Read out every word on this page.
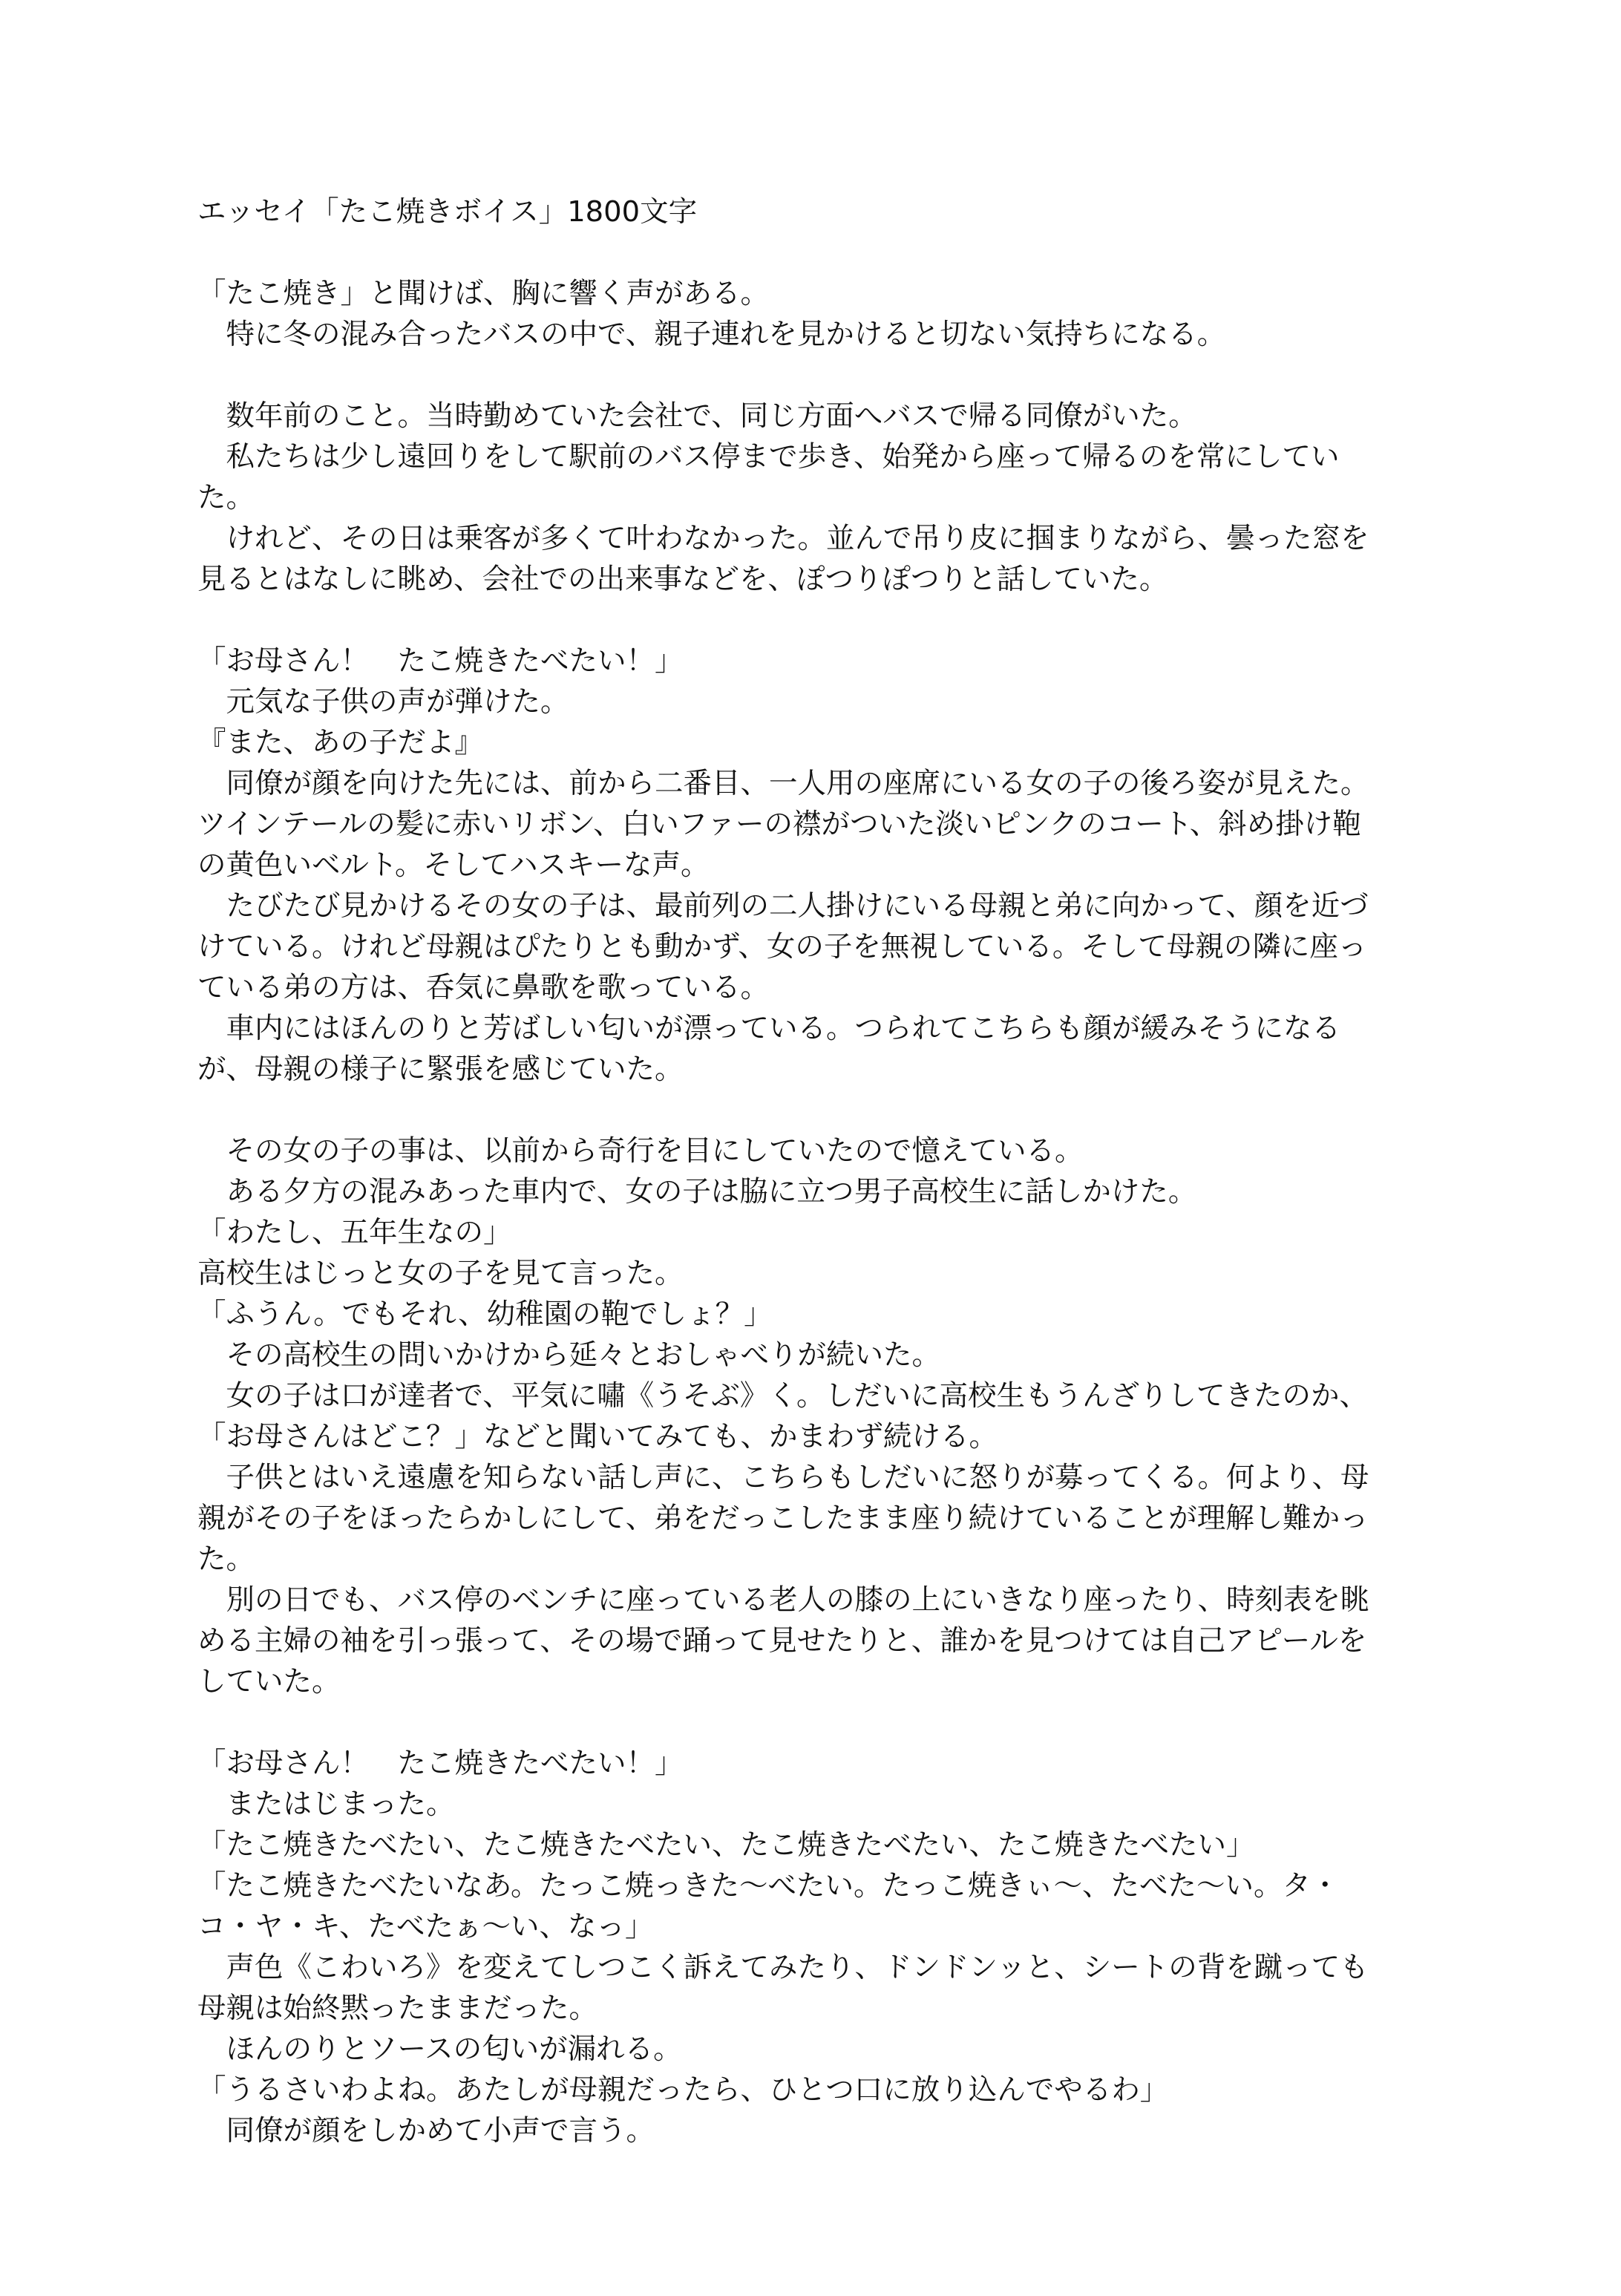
エッセイ「たこ焼きボイス」1800文字
「たこ焼き」と聞けば、胸に響く声がある。
　特に冬の混み合ったバスの中で、親子連れを見かけると切ない気持ちになる。
　数年前のこと。当時勤めていた会社で、同じ方面へバスで帰る同僚がいた。
　私たちは少し遠回りをして駅前のバス停まで歩き、始発から座って帰るのを常にしてい
た。
　けれど、その日は乗客が多くて叶わなかった。並んで吊り皮に掴まりながら、曇った窓を
見るとはなしに眺め、会社での出来事などを、ぽつりぽつりと話していた。
「お母さん！　たこ焼きたべたい！」
　元気な子供の声が弾けた。
『また、あの子だよ』
　同僚が顔を向けた先には、前から二番目、一人用の座席にいる女の子の後ろ姿が見えた。
ツインテールの髪に赤いリボン、白いファーの襟がついた淡いピンクのコート、斜め掛け鞄
の黄色いベルト。そしてハスキーな声。
　たびたび見かけるその女の子は、最前列の二人掛けにいる母親と弟に向かって、顔を近づ
けている。けれど母親はぴたりとも動かず、女の子を無視している。そして母親の隣に座っ
ている弟の方は、呑気に鼻歌を歌っている。
　車内にはほんのりと芳ばしい匂いが漂っている。つられてこちらも顔が緩みそうになる
が、母親の様子に緊張を感じていた。
　その女の子の事は、以前から奇行を目にしていたので憶えている。
　ある夕方の混みあった車内で、女の子は脇に立つ男子高校生に話しかけた。
「わたし、五年生なの」
高校生はじっと女の子を見て言った。
「ふうん。でもそれ、幼稚園の鞄でしょ？」
　その高校生の問いかけから延々とおしゃべりが続いた。
　女の子は口が達者で、平気に嘯《うそぶ》く。しだいに高校生もうんざりしてきたのか、
「お母さんはどこ？」などと聞いてみても、かまわず続ける。
　子供とはいえ遠慮を知らない話し声に、こちらもしだいに怒りが募ってくる。何より、母
親がその子をほったらかしにして、弟をだっこしたまま座り続けていることが理解し難かっ
た。
　別の日でも、バス停のベンチに座っている老人の膝の上にいきなり座ったり、時刻表を眺
める主婦の袖を引っ張って、その場で踊って見せたりと、誰かを見つけては自己アピールを
していた。
「お母さん！　たこ焼きたべたい！」
　またはじまった。
「たこ焼きたべたい、たこ焼きたべたい、たこ焼きたべたい、たこ焼きたべたい」
「たこ焼きたべたいなあ。たっこ焼っきた〜べたい。たっこ焼きぃ〜、たべた〜い。タ・
コ・ヤ・キ、たべたぁ〜い、なっ」
　声色《こわいろ》を変えてしつこく訴えてみたり、ドンドンッと、シートの背を蹴っても
母親は始終黙ったままだった。
　ほんのりとソースの匂いが漏れる。
「うるさいわよね。あたしが母親だったら、ひとつ口に放り込んでやるわ」
　同僚が顔をしかめて小声で言う。
